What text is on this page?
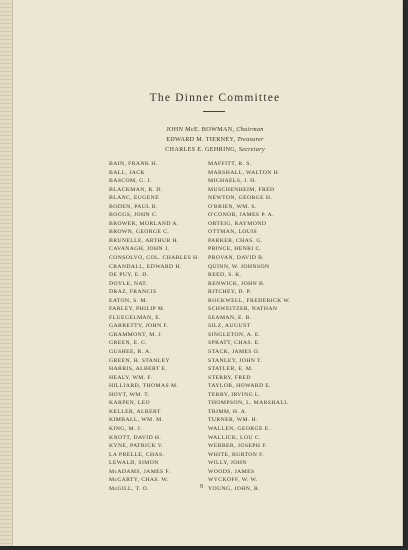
The Dinner Committee
JOHN McE. BOWMAN, Chairman
EDWARD M. TIERNEY, Treasurer
CHARLES E. GEHRING, Secretary
BAIN, FRANK H.
BALL, JACK
BASCOM, G. J.
BLACKMAN, R. D.
BLANC, EUGENE
BODEN, PAUL B.
BOGGS, JOHN C.
BROWER, MORLAND A.
BROWN, GEORGE C.
BRUNELLE, ARTHUR H.
CAVANAGH, JOHN J.
CONSOLVO, COL. CHARLES H.
CRANDALL, EDWARD H.
DE PUY, E. D.
DOYLE, NAT.
DRAZ, FRANCIS
EATON, S. M.
FARLEY, PHILIP M.
FLUEGELMAN, E.
GARRETTY, JOHN F.
GRAMMONT, M. J.
GREEN, E. C.
GUSHEE, R. A.
GREEN, H. STANLEY
HARRIS, ALBERT E.
HEALY, WM. F.
HILLIARD, THOMAS M.
HOYT, WM. T.
KARPEN, LEO
KELLER, ALBERT
KIMBALL, WM. M.
KING, M. J.
KNOTT, DAVID H.
KYNE, PATRICK V.
LA PRELLE, CHAS.
LEWALD, SIMON
McADAMS, JAMES F.
McCARTY, CHAS. W.
McGILL, T. O.
MAFFITT, R. S.
MARSHALL, WALTON H.
MICHAELS, J. H.
MUSCHENHEIM, FRED
NEWTON, GEORGE H.
O'BRIEN, WM. S.
O'CONOR, JAMES P. A.
ORTEIG, RAYMOND
OTTMAN, LOUIS
PARKER, CHAS. G.
PRINCE, HENRI C.
PROVAN, DAVID B.
QUINN, W. JOHNSON
REED, S. K.
RENWICK, JOHN B.
RITCHEY, D. P.
ROCKWELL, FREDERICK W.
SCHWEITZER, NATHAN
SEAMAN, E. B.
SILZ, AUGUST
SINGLETON, A. E.
SPRATT, CHAS. E.
STACK, JAMES O.
STANLEY, JOHN T.
STATLER, E. M.
STERRY, FRED
TAYLOR, HOWARD E.
TERRY, IRVING L.
THOMPSON, L. MARSHALL
TRIMM, H. A.
TURNER, WM. H.
WALLEN, GEORGE E.
WALLICK, LOU C.
WEBBER, JOSEPH F.
WHITE, BURTON F.
WILLY, JOHN
WOODS, JAMES
WYCKOFF, W. W.
YOUNG, JOHN, R.
9
